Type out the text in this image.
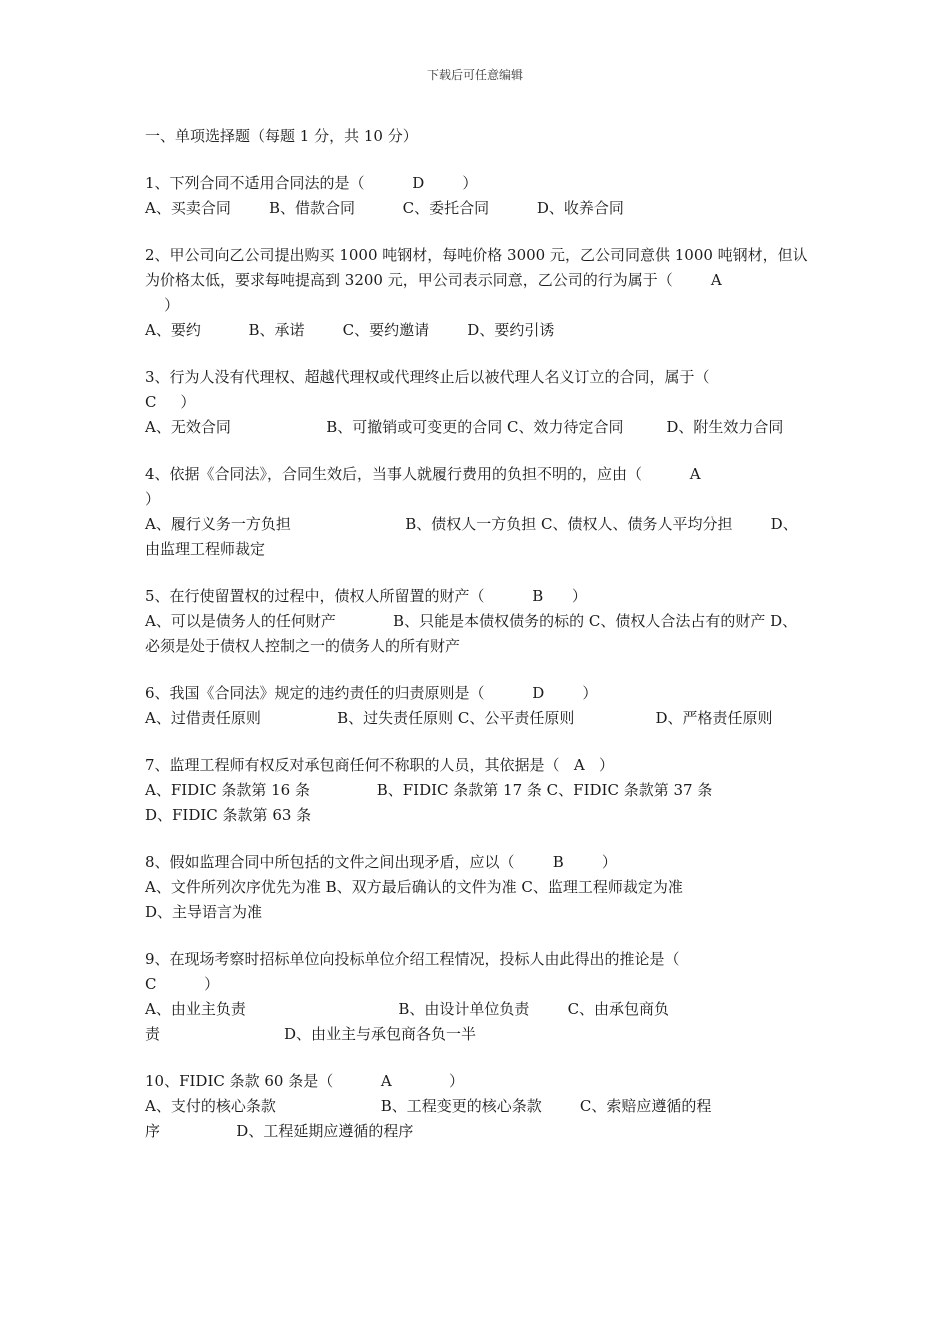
下载后可任意编辑
一、单项选择题（每题 1 分，共 10 分）
1、下列合同不适用合同法的是（          D        ）
A、买卖合同        B、借款合同          C、委托合同          D、收养合同
2、甲公司向乙公司提出购买 1000 吨钢材，每吨价格 3000 元，乙公司同意供 1000 吨钢材，但认为价格太低，要求每吨提高到 3200 元，甲公司表示同意，乙公司的行为属于（        A
）
A、要约          B、承诺        C、要约邀请        D、要约引诱
3、行为人没有代理权、超越代理权或代理终止后以被代理人名义订立的合同，属于（
C     ）
A、无效合同                    B、可撤销或可变更的合同 C、效力待定合同         D、附生效力合同
4、依据《合同法》，合同生效后，当事人就履行费用的负担不明的，应由（          A
）
A、履行义务一方负担                        B、债权人一方负担 C、债权人、债务人平均分担        D、由监理工程师裁定
5、在行使留置权的过程中，债权人所留置的财产（          B      ）
A、可以是债务人的任何财产            B、只能是本债权债务的标的 C、债权人合法占有的财产 D、必须是处于债权人控制之一的债务人的所有财产
6、我国《合同法》规定的违约责任的归责原则是（          D        ）
A、过借责任原则                B、过失责任原则 C、公平责任原则                 D、严格责任原则
7、监理工程师有权反对承包商任何不称职的人员，其依据是（   A   ）
A、FIDIC 条款第 16 条              B、FIDIC 条款第 17 条 C、FIDIC 条款第 37 条
D、FIDIC 条款第 63 条
8、假如监理合同中所包括的文件之间出现矛盾，应以（        B        ）
A、文件所列次序优先为准 B、双方最后确认的文件为准 C、监理工程师裁定为准
D、主导语言为准
9、在现场考察时招标单位向投标单位介绍工程情况，投标人由此得出的推论是（
C          ）
A、由业主负责                                B、由设计单位负责        C、由承包商负
责                          D、由业主与承包商各负一半
10、FIDIC 条款 60 条是（          A            ）
A、支付的核心条款                      B、工程变更的核心条款        C、索赔应遵循的程
序                D、工程延期应遵循的程序
